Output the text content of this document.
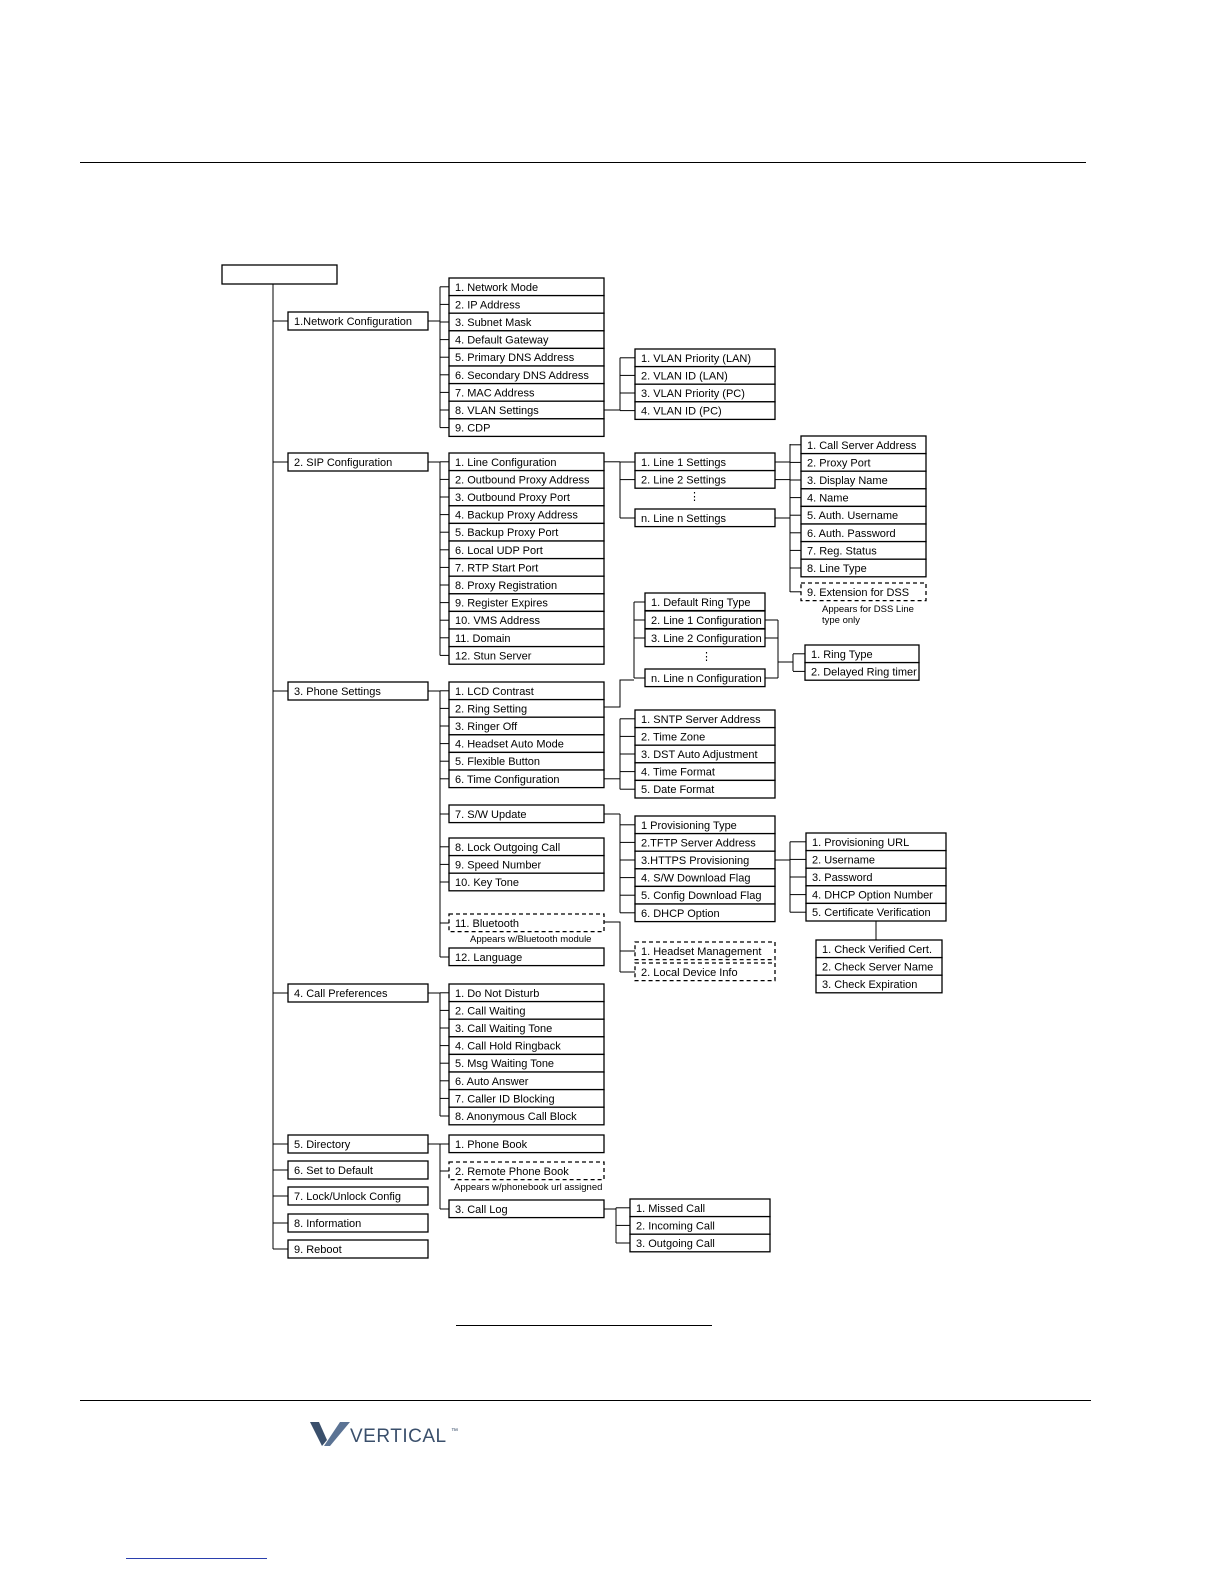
1.Network Configuration
2. SIP Configuration
3. Phone Settings
4. Call Preferences
5. Directory
6. Set to Default
7. Lock/Unlock Config
8. Information
9. Reboot
1. Network Mode
2. IP Address
3. Subnet Mask
4. Default Gateway
5. Primary DNS Address
6. Secondary DNS Address
7. MAC Address
8. VLAN Settings
9. CDP
1. VLAN Priority (LAN)
2. VLAN ID (LAN)
3. VLAN Priority (PC)
4. VLAN ID (PC)
1. Line Configuration
2. Outbound Proxy Address
3. Outbound Proxy Port
4. Backup Proxy Address
5. Backup Proxy Port
6. Local UDP Port
7. RTP Start Port
8. Proxy Registration
9. Register Expires
10. VMS Address
11. Domain
12. Stun Server
1. Line 1 Settings
2. Line 2 Settings
⋮
n. Line n Settings
1. Call Server Address
2. Proxy Port
3. Display Name
4. Name
5. Auth. Username
6. Auth. Password
7. Reg. Status
8. Line Type
9. Extension for DSS
Appears for DSS Line
type only
1. LCD Contrast
2. Ring Setting
3. Ringer Off
4. Headset Auto Mode
5. Flexible Button
6. Time Configuration
1. Default Ring Type
2. Line 1 Configuration
3. Line 2 Configuration
⋮
n. Line n Configuration
1. Ring Type
2. Delayed Ring timer
1. SNTP Server Address
2. Time Zone
3. DST Auto Adjustment
4. Time Format
5. Date Format
7. S/W Update
1 Provisioning Type
2.TFTP Server Address
3.HTTPS Provisioning
4. S/W Download Flag
5. Config Download Flag
6. DHCP Option
1. Provisioning URL
2. Username
3. Password
4. DHCP Option Number
5. Certificate Verification
1. Check Verified Cert.
2. Check Server Name
3. Check Expiration
8. Lock Outgoing Call
9. Speed Number
10. Key Tone
11. Bluetooth
Appears w/Bluetooth module
12. Language	1. Headset Management
2. Local Device Info
1. Do Not Disturb
2. Call Waiting
3. Call Waiting Tone
4. Call Hold Ringback
5. Msg Waiting Tone
6. Auto Answer
7. Caller ID Blocking
8. Anonymous Call Block
1. Phone Book
2. Remote Phone Book
Appears w/phonebook url assigned
3. Call Log	1. Missed Call
2. Incoming Call
3. Outgoing Call
VERTICAL ™
